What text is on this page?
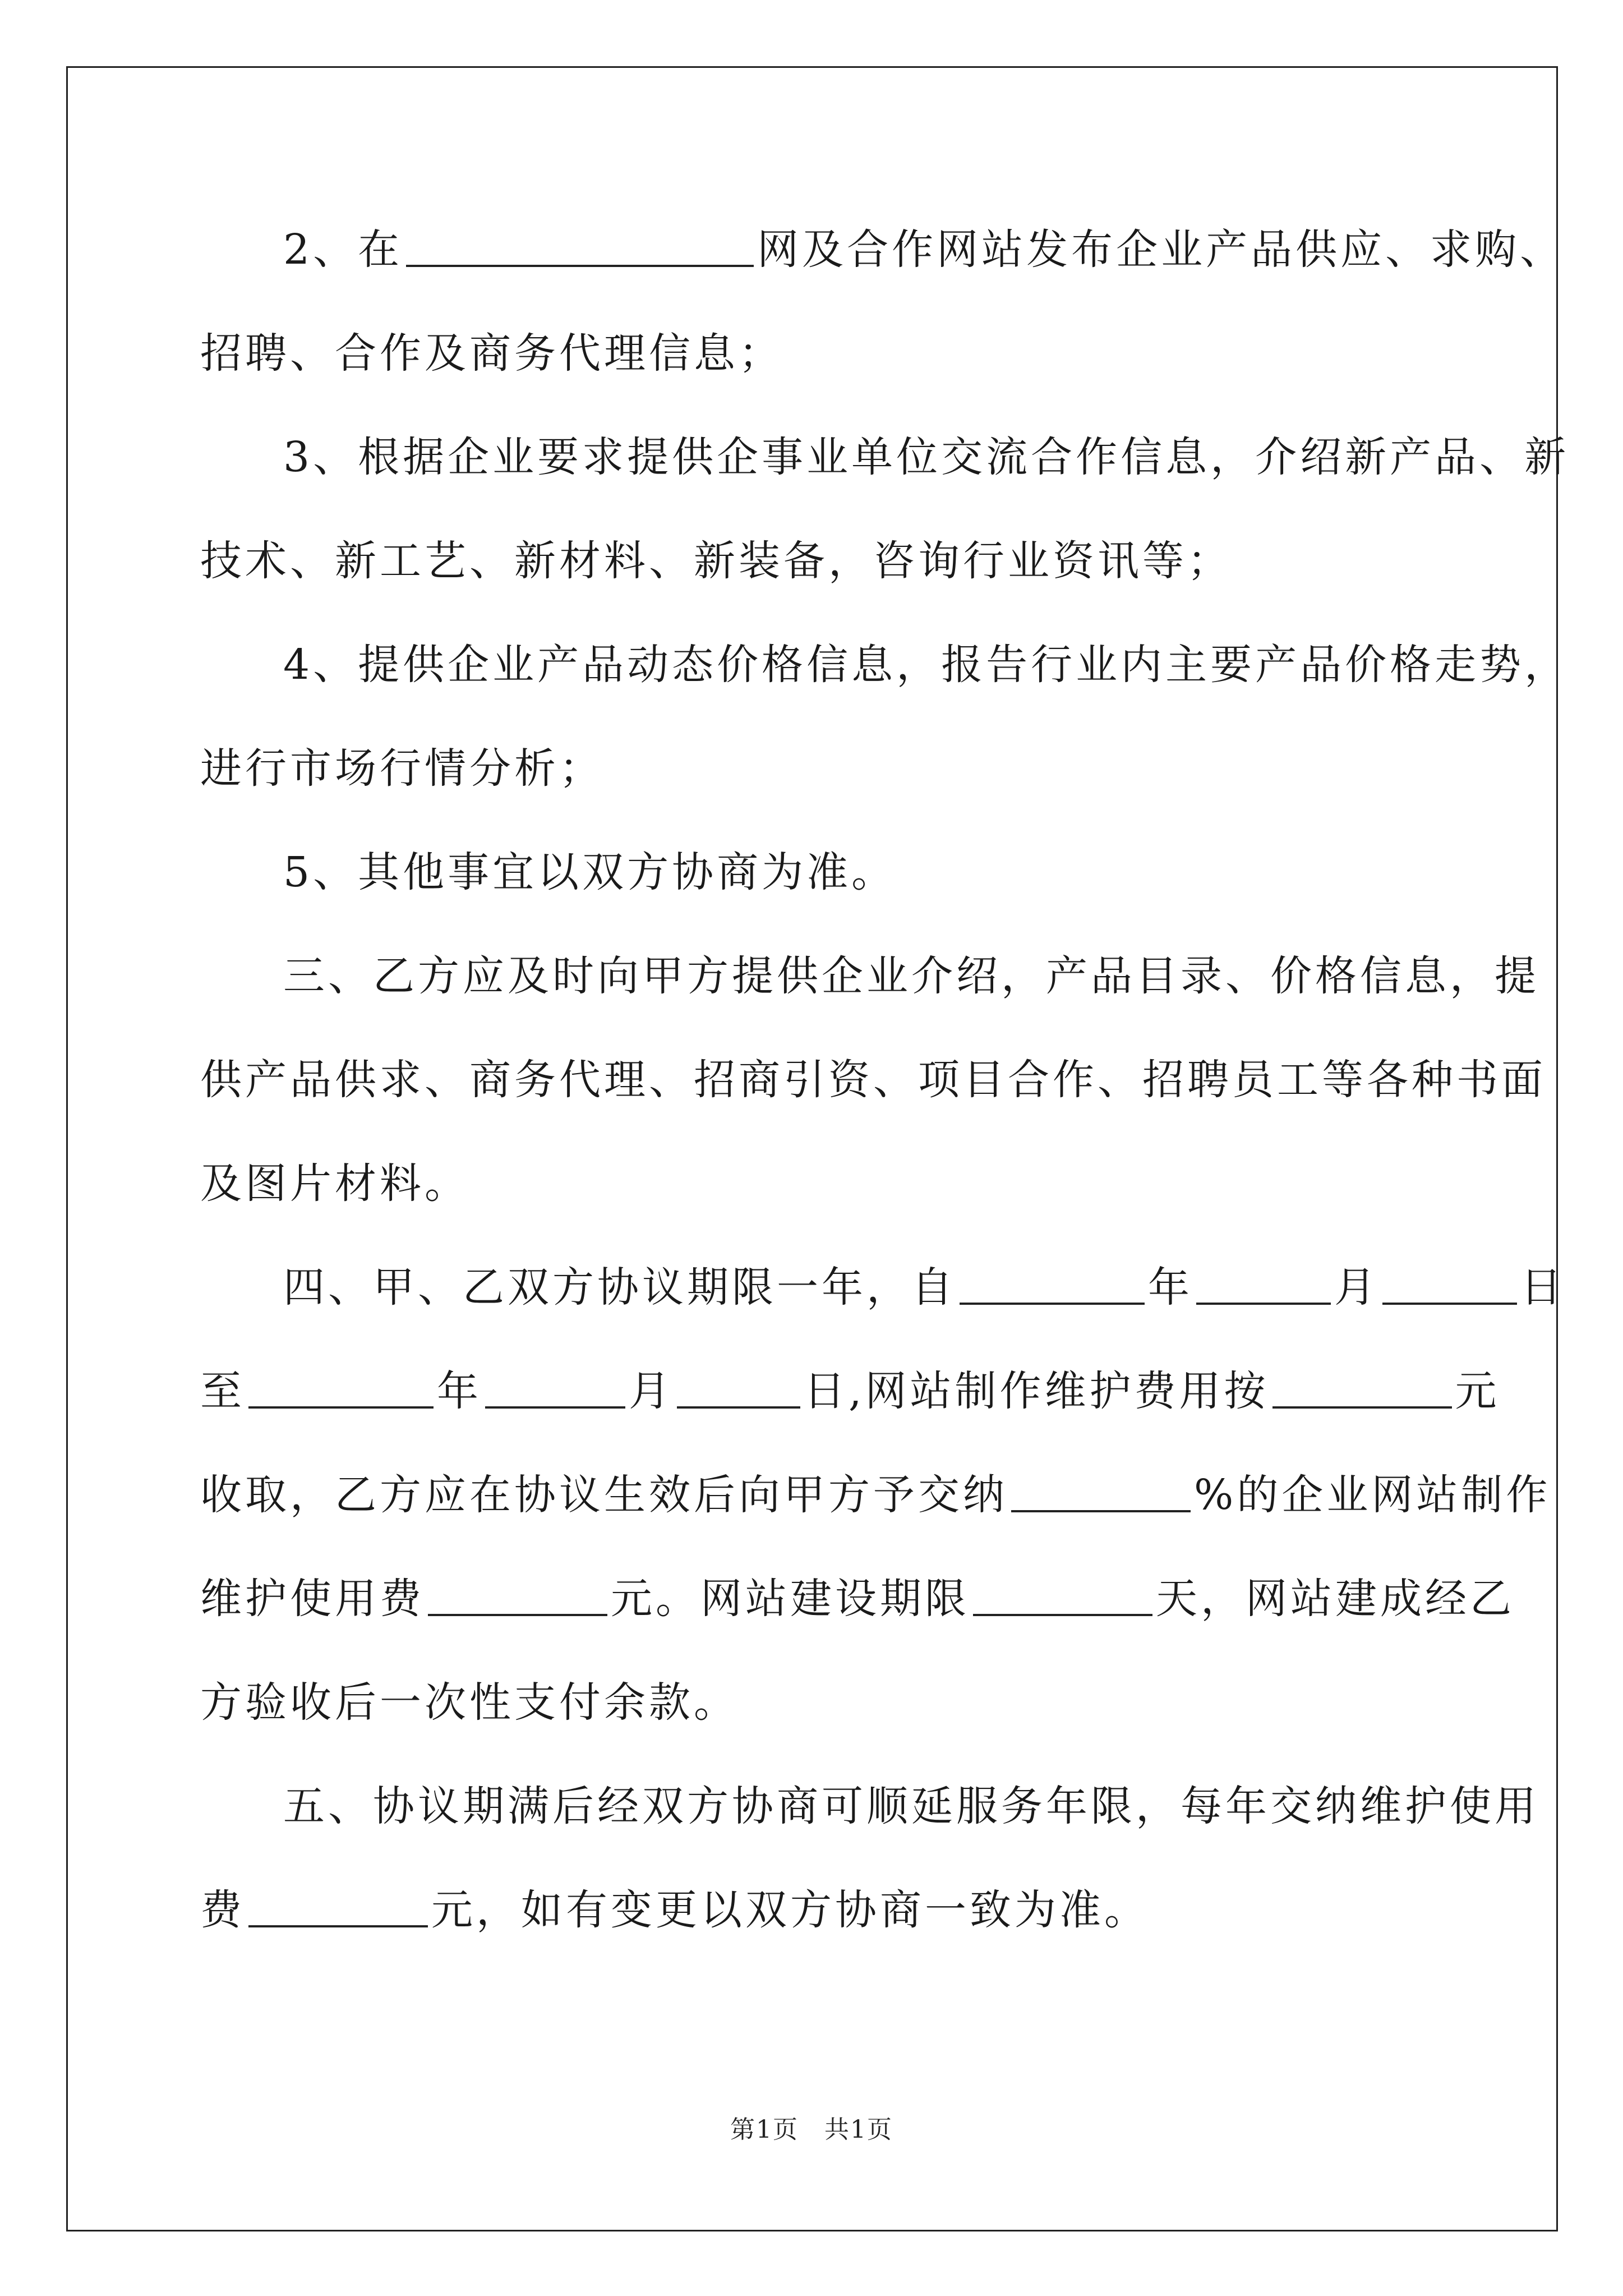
2、在	网及合作网站发布企业产品供应、求购、
招聘、合作及商务代理信息；
3、根据企业要求提供企事业单位交流合作信息，介绍新产品、新
技术、新工艺、新材料、新装备，咨询行业资讯等；
4、提供企业产品动态价格信息，报告行业内主要产品价格走势，
进行市场行情分析；
5、其他事宜以双方协商为准。
三、乙方应及时向甲方提供企业介绍，产品目录、价格信息，提
供产品供求、商务代理、招商引资、项目合作、招聘员工等各种书面
及图片材料。
四、甲、乙双方协议期限一年，自	年	月	日
至	年	月	日,网站制作维护费用按	元
收取，乙方应在协议生效后向甲方予交纳	%的企业网站制作
维护使用费	元。网站建设期限	天，网站建成经乙
方验收后一次性支付余款。
五、协议期满后经双方协商可顺延服务年限，每年交纳维护使用
费	元，如有变更以双方协商一致为准。
第1页　共1页
